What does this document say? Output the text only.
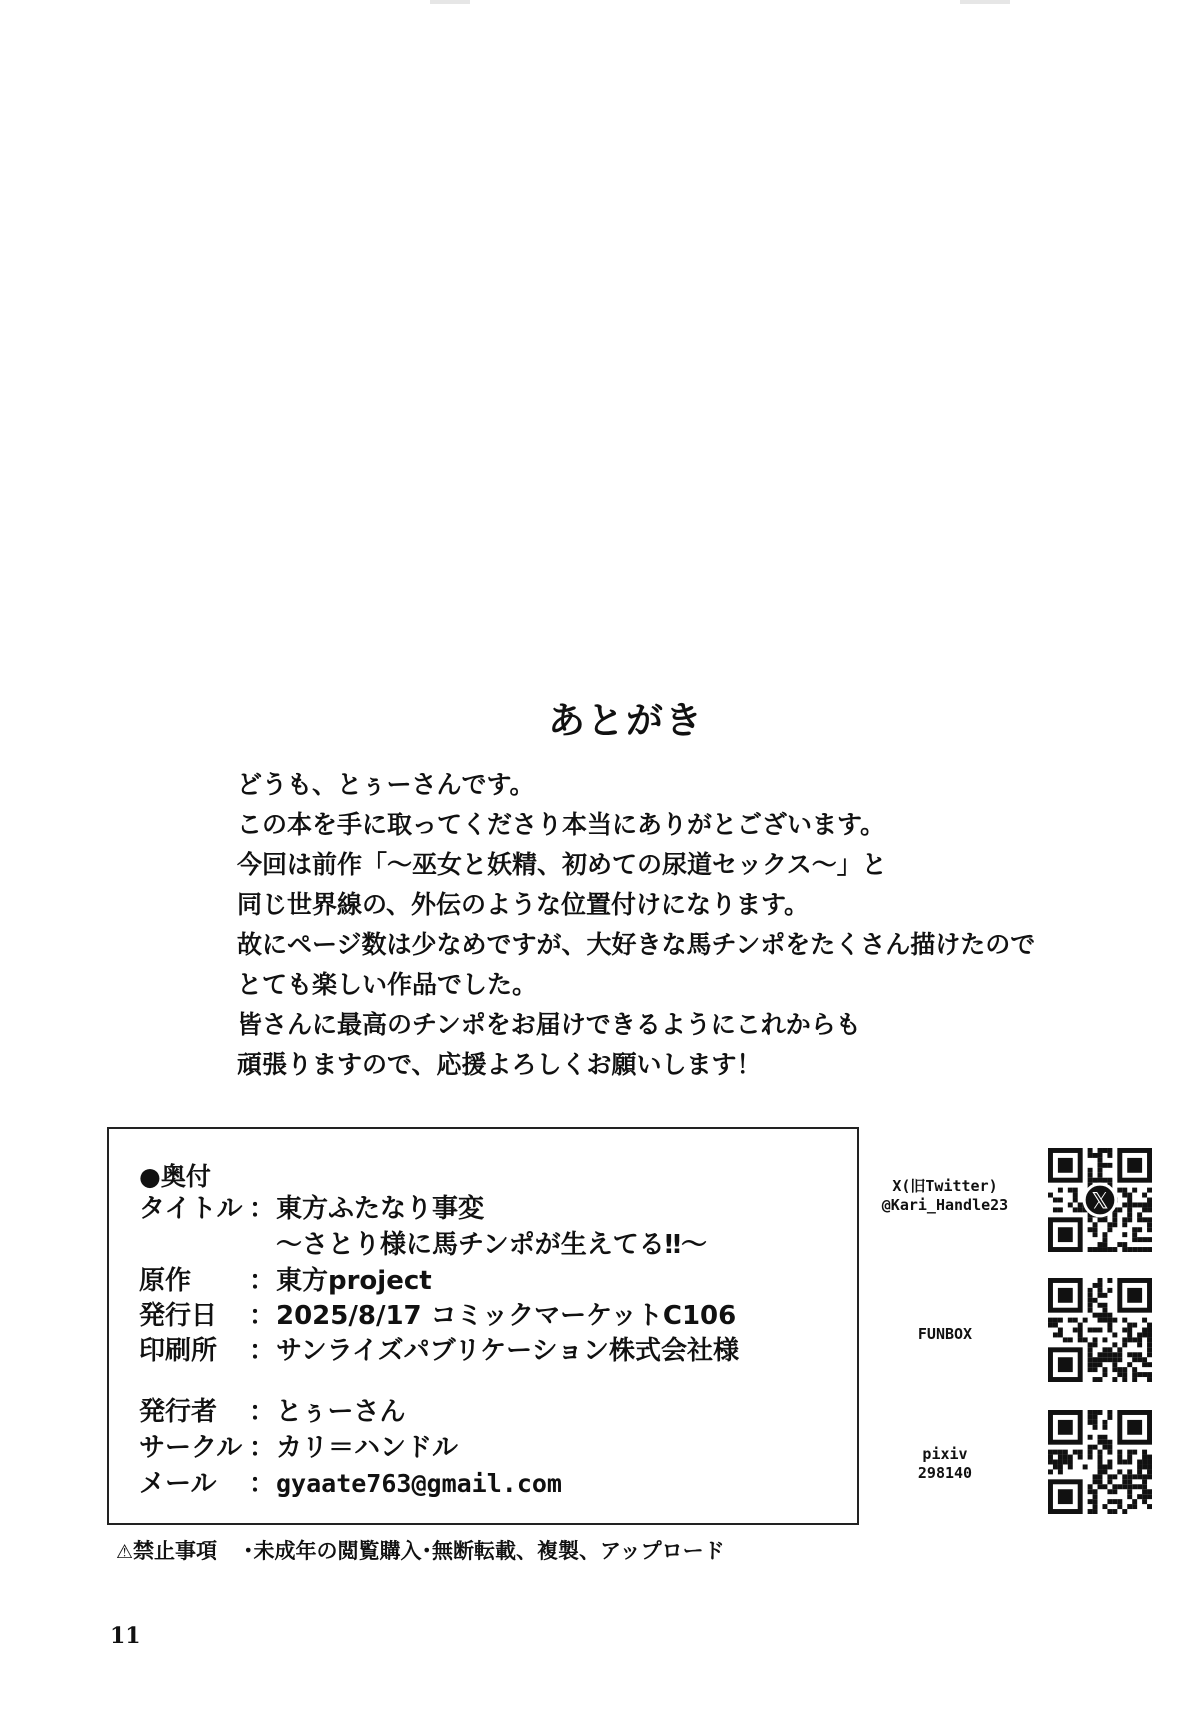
あとがき
どうも、とぅーさんです。
この本を手に取ってくださり本当にありがとございます。
今回は前作「〜巫女と妖精、初めての尿道セックス〜」と
同じ世界線の、外伝のような位置付けになります。
故にページ数は少なめですが、大好きな馬チンポをたくさん描けたので
とても楽しい作品でした。
皆さんに最高のチンポをお届けできるようにこれからも
頑張りますので、応援よろしくお願いします！
●奥付
タイトル ： 東方ふたなり事変
〜さとり様に馬チンポが生えてる‼〜
原作 ： 東方project
発行日 ： 2025/8/17 コミックマーケットC106
印刷所 ： サンライズパブリケーション株式会社様
発行者 ： とぅーさん
サークル ： カリ＝ハンドル
メール ： gyaate763@gmail.com
⚠禁止事項 ･未成年の閲覧購入･無断転載、複製、アップロード
11
X(旧Twitter)
@Kari_Handle23	𝕏
FUNBOX
pixiv
298140
